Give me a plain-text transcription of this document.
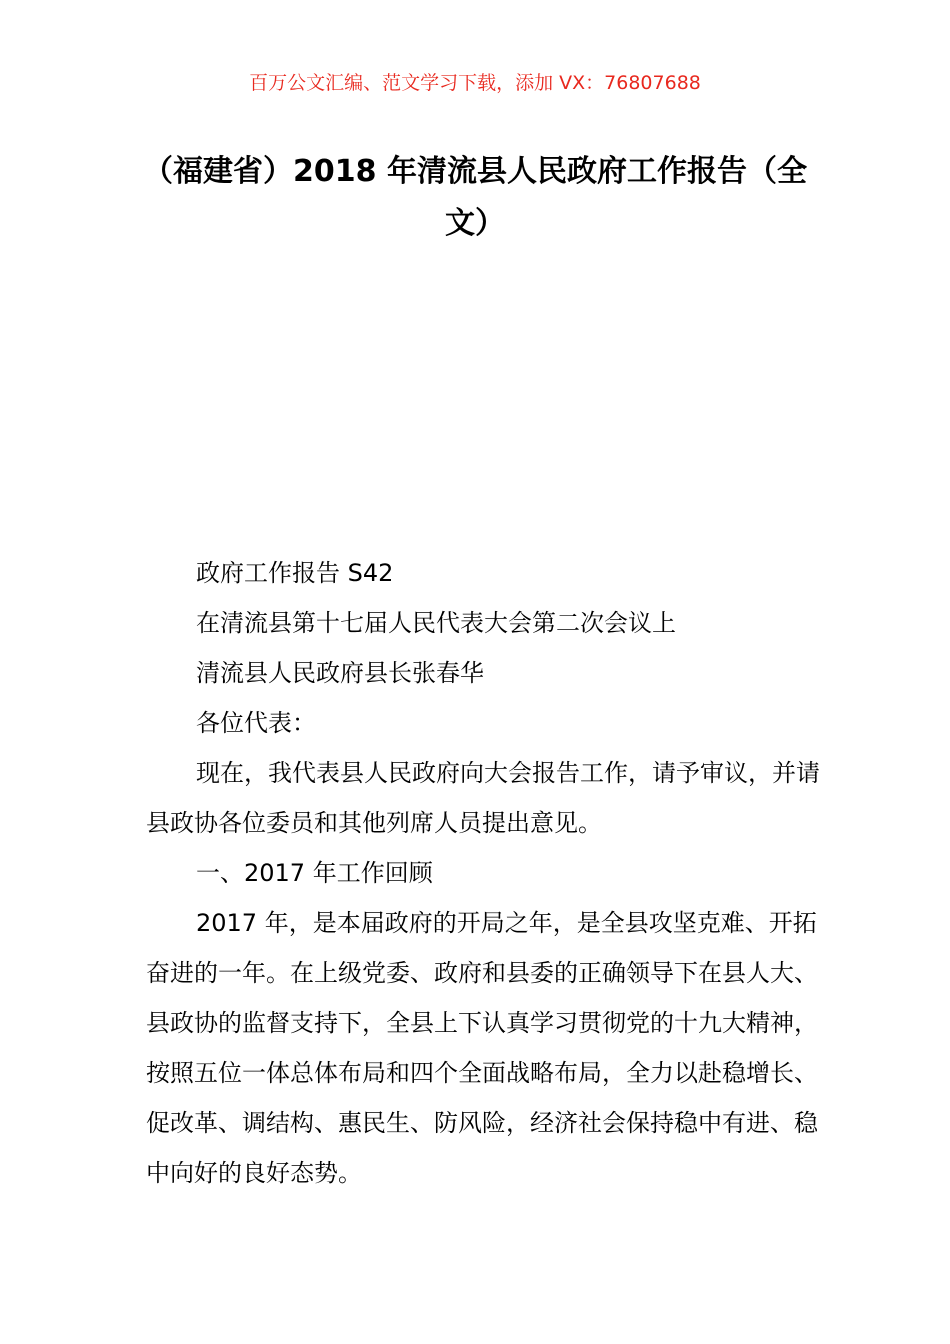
百万公文汇编、范文学习下载，添加 VX：76807688
（福建省）2018 年清流县人民政府工作报告（全文）

政府工作报告 S42

在清流县第十七届人民代表大会第二次会议上

清流县人民政府县长张春华

各位代表：

现在，我代表县人民政府向大会报告工作，请予审议，并请县政协各位委员和其他列席人员提出意见。

一、2017 年工作回顾

2017 年，是本届政府的开局之年，是全县攻坚克难、开拓奋进的一年。在上级党委、政府和县委的正确领导下在县人大、县政协的监督支持下，全县上下认真学习贯彻党的十九大精神，按照五位一体总体布局和四个全面战略布局，全力以赴稳增长、促改革、调结构、惠民生、防风险，经济社会保持稳中有进、稳中向好的良好态势。
